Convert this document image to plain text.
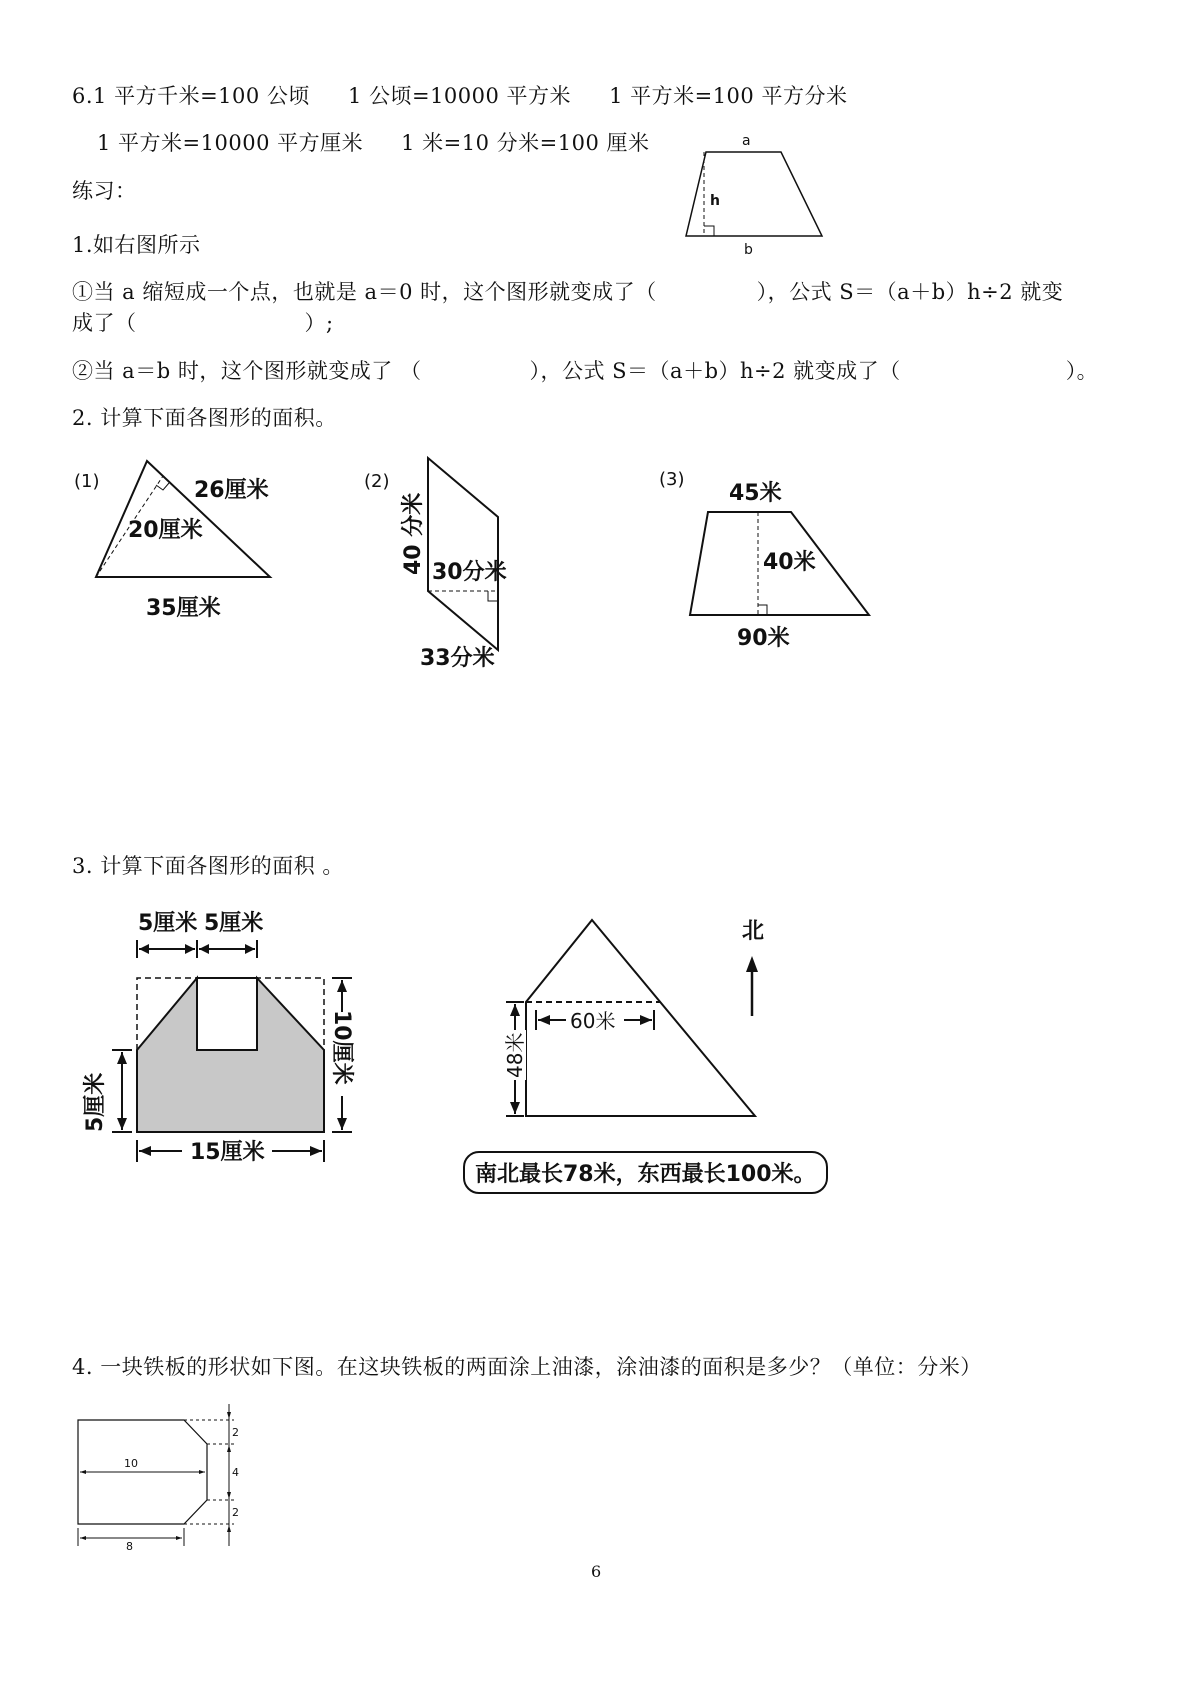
6.1 平方千米=100 公顷 1 公顷=10000 平方米 1 平方米=100 平方分米
1 平方米=10000 平方厘米 1 米=10 分米=100 厘米
练习：
1.如右图所示
①当 a 缩短成一个点，也就是 a＝0 时，这个图形就变成了（	），公式 S＝（a＋b）h÷2 就变
成了（	）;
②当 a＝b 时，这个图形就变成了 （	），公式 S＝（a＋b）h÷2 就变成了（	）。
a
h
b
2. 计算下面各图形的面积。
(1)	26厘米
20厘米
35厘米
(2)
40 分米 30分米
33分米
(3)
45米
40米
90米
3. 计算下面各图形的面积 。
5厘米 5厘米
10厘米
5厘米
15厘米
60米
48米
北
南北最长78米，东西最长100米。
4. 一块铁板的形状如下图。在这块铁板的两面涂上油漆，涂油漆的面积是多少？（单位：分米）
10
8
2
4
2
6
